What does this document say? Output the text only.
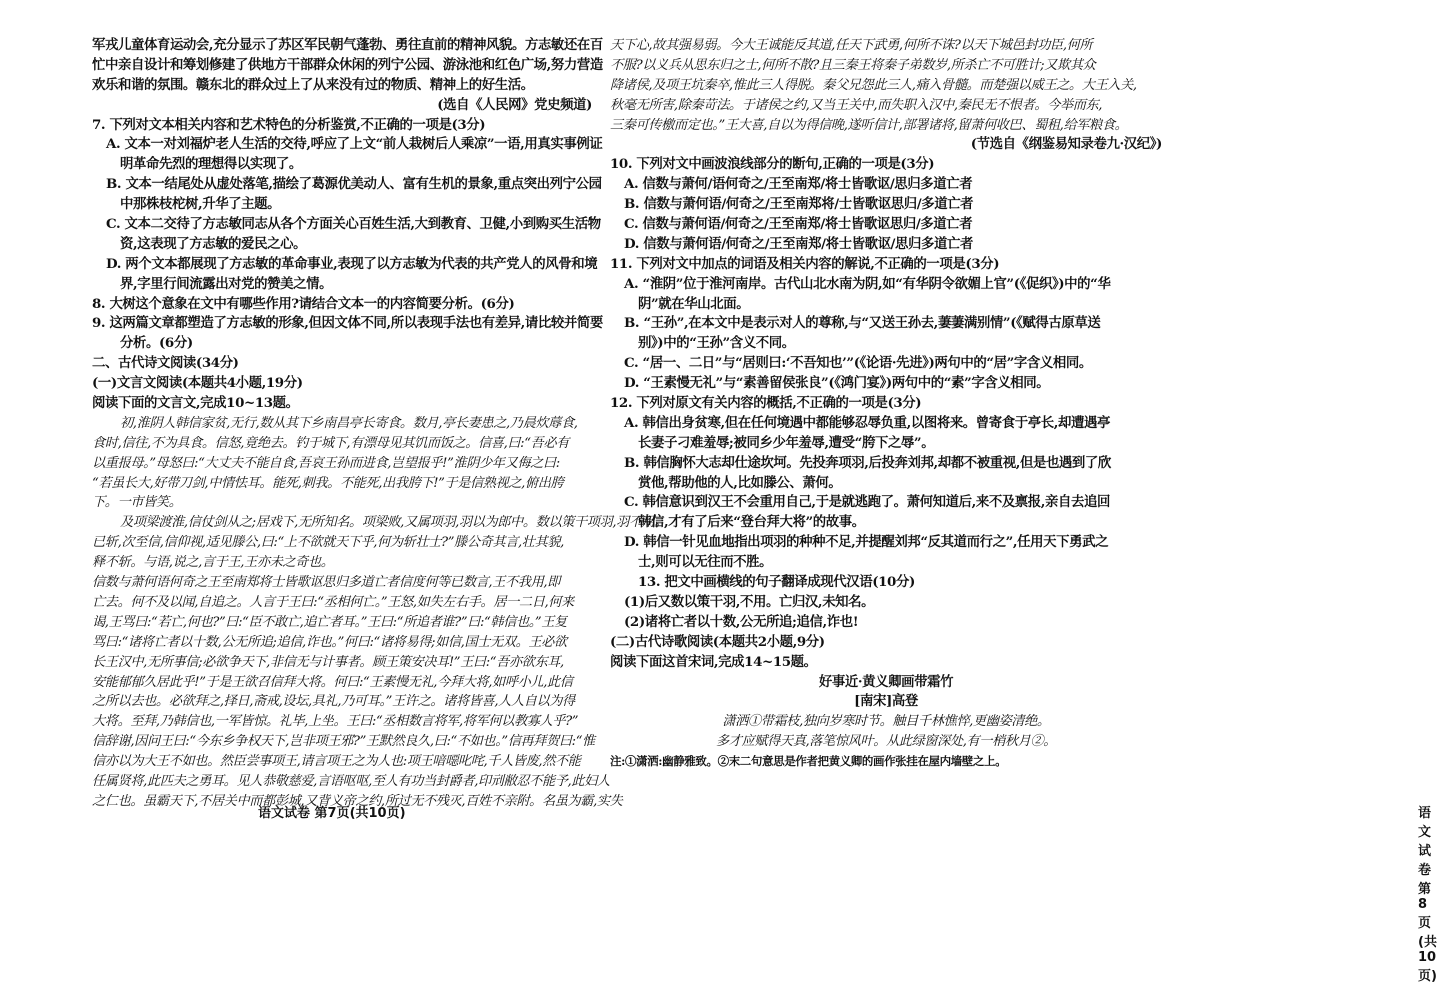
军戎儿童体育运动会,充分显示了苏区军民朝气蓬勃、勇往直前的精神风貌。方志敏还在百
忙中亲自设计和筹划修建了供地方干部群众休闲的列宁公园、游泳池和红色广场,努力营造
欢乐和谐的氛围。赣东北的群众过上了从来没有过的物质、精神上的好生活。
(选自《人民网》党史频道)
7. 下列对文本相关内容和艺术特色的分析鉴赏,不正确的一项是(3分)
A. 文本一对刘福炉老人生活的交待,呼应了上文“前人栽树后人乘凉”一语,用真实事例证
明革命先烈的理想得以实现了。
B. 文本一结尾处从虚处落笔,描绘了葛源优美动人、富有生机的景象,重点突出列宁公园
中那株枝柁树,升华了主题。
C. 文本二交待了方志敏同志从各个方面关心百姓生活,大到教育、卫健,小到购买生活物
资,这表现了方志敏的爱民之心。
D. 两个文本都展现了方志敏的革命事业,表现了以方志敏为代表的共产党人的风骨和境
界,字里行间流露出对党的赞美之情。
8. 大树这个意象在文中有哪些作用?请结合文本一的内容简要分析。(6分)
9. 这两篇文章都塑造了方志敏的形象,但因文体不同,所以表现手法也有差异,请比较并简要
分析。(6分)
二、古代诗文阅读(34分)
(一)文言文阅读(本题共4小题,19分)
阅读下面的文言文,完成10~13题。
初,淮阴人韩信家贫,无行,数从其下乡南昌亭长寄食。数月,亭长妻患之,乃晨炊蓐食,
食时,信往,不为具食。信怒,竟绝去。钓于城下,有漂母见其饥而饭之。信喜,曰:“吾必有
以重报母。”母怒曰:“大丈夫不能自食,吾哀王孙而进食,岂望报乎!”淮阴少年又侮之曰:
“若虽长大,好带刀剑,中情怯耳。能死,刺我。不能死,出我胯下!”于是信熟视之,俯出胯
下。一市皆笑。
及项梁渡淮,信仗剑从之;居戏下,无所知名。项梁败,又属项羽,羽以为郎中。数以策干项羽,羽不用。
已斩,次至信,信仰视,适见滕公,曰:“上不欲就天下乎,何为斩壮士?”滕公奇其言,壮其貌,
释不斩。与语,说之,言于王,王亦未之奇也。
信数与萧何语何奇之王至南郑将士皆歌讴思归多道亡者信度何等已数言,王不我用,即
亡去。何不及以闻,自追之。人言于王曰:“丞相何亡。”王怒,如失左右手。居一二日,何来
谒,王骂曰:“若亡,何也?”曰:“臣不敢亡,追亡者耳。”王曰:“所追者谁?”曰:“韩信也。”王复
骂曰:“诸将亡者以十数,公无所追;追信,诈也。”何曰:“诸将易得;如信,国士无双。王必欲
长王汉中,无所事信;必欲争天下,非信无与计事者。顾王策安决耳!”王曰:“吾亦欲东耳,
安能郁郁久居此乎!”于是王欲召信拜大将。何曰:“王素慢无礼,今拜大将,如呼小儿,此信
之所以去也。必欲拜之,择日,斋戒,设坛,具礼,乃可耳。”王许之。诸将皆喜,人人自以为得
大将。至拜,乃韩信也,一军皆惊。礼毕,上坐。王曰:“丞相数言将军,将军何以教寡人乎?”
信辞谢,因问王曰:“今东乡争权天下,岂非项王邪?”王默然良久,曰:“不如也。”信再拜贺曰:“惟
信亦以为大王不如也。然臣尝事项王,请言项王之为人也:项王喑噁叱咤,千人皆废,然不能
任属贤将,此匹夫之勇耳。见人恭敬慈爱,言语呕呕,至人有功当封爵者,印刓敝忍不能予,此妇人
之仁也。虽霸天下,不居关中而都彭城,又背义帝之约,所过无不残灭,百姓不亲附。名虽为霸,实失
语文试卷 第7页(共10页)
天下心,故其强易弱。今大王诚能反其道,任天下武勇,何所不诛?以天下城邑封功臣,何所
不服?以义兵从思东归之士,何所不散?且三秦王将秦子弟数岁,所杀亡不可胜计;又欺其众
降诸侯,及项王坑秦卒,惟此三人得脱。秦父兄怨此三人,痛入骨髓。而楚强以威王之。大王入关,
秋毫无所害,除秦苛法。于诸侯之约,又当王关中,而失职入汉中,秦民无不恨者。今举而东,
三秦可传檄而定也。”王大喜,自以为得信晚,遂听信计,部署诸将,留萧何收巴、蜀租,给军粮食。
(节选自《纲鉴易知录卷九·汉纪》)
10. 下列对文中画波浪线部分的断句,正确的一项是(3分)
A. 信数与萧何/语何奇之/王至南郑/将士皆歌讴/思归多道亡者
B. 信数与萧何语/何奇之/王至南郑将/士皆歌讴思归/多道亡者
C. 信数与萧何语/何奇之/王至南郑/将士皆歌讴思归/多道亡者
D. 信数与萧何语/何奇之/王至南郑/将士皆歌讴/思归多道亡者
11. 下列对文中加点的词语及相关内容的解说,不正确的一项是(3分)
A. “淮阴”位于淮河南岸。古代山北水南为阴,如“有华阴令欲媚上官”(《促织》)中的“华
阴”就在华山北面。
B. “王孙”,在本文中是表示对人的尊称,与“又送王孙去,萋萋满别情”(《赋得古原草送
别》)中的“王孙”含义不同。
C. “居一、二日”与“居则曰:‘不吾知也’”(《论语·先进》)两句中的“居”字含义相同。
D. “王素慢无礼”与“素善留侯张良”(《鸿门宴》)两句中的“素”字含义相同。
12. 下列对原文有关内容的概括,不正确的一项是(3分)
A. 韩信出身贫寒,但在任何境遇中都能够忍辱负重,以图将来。曾寄食于亭长,却遭遇亭
长妻子刁难羞辱;被同乡少年羞辱,遭受“胯下之辱”。
B. 韩信胸怀大志却仕途坎坷。先投奔项羽,后投奔刘邦,却都不被重视,但是也遇到了欣
赏他,帮助他的人,比如滕公、萧何。
C. 韩信意识到汉王不会重用自己,于是就逃跑了。萧何知道后,来不及禀报,亲自去追回
韩信,才有了后来“登台拜大将”的故事。
D. 韩信一针见血地指出项羽的种种不足,并提醒刘邦“反其道而行之”,任用天下勇武之
士,则可以无往而不胜。
13. 把文中画横线的句子翻译成现代汉语(10分)
(1)后又数以策干羽,不用。亡归汉,未知名。
(2)诸将亡者以十数,公无所追;追信,诈也!
(二)古代诗歌阅读(本题共2小题,9分)
阅读下面这首宋词,完成14~15题。
好事近·黄义卿画带霜竹
[南宋]高登
潇洒①带霜枝,独向岁寒时节。触目千林憔悴,更幽姿清绝。
多才应赋得天真,落笔惊风叶。从此绿窗深处,有一梢秋月②。
注:①潇洒:幽静雅致。②末二句意思是作者把黄义卿的画作张挂在屋内墙壁之上。
语文试卷 第8页(共10页)
